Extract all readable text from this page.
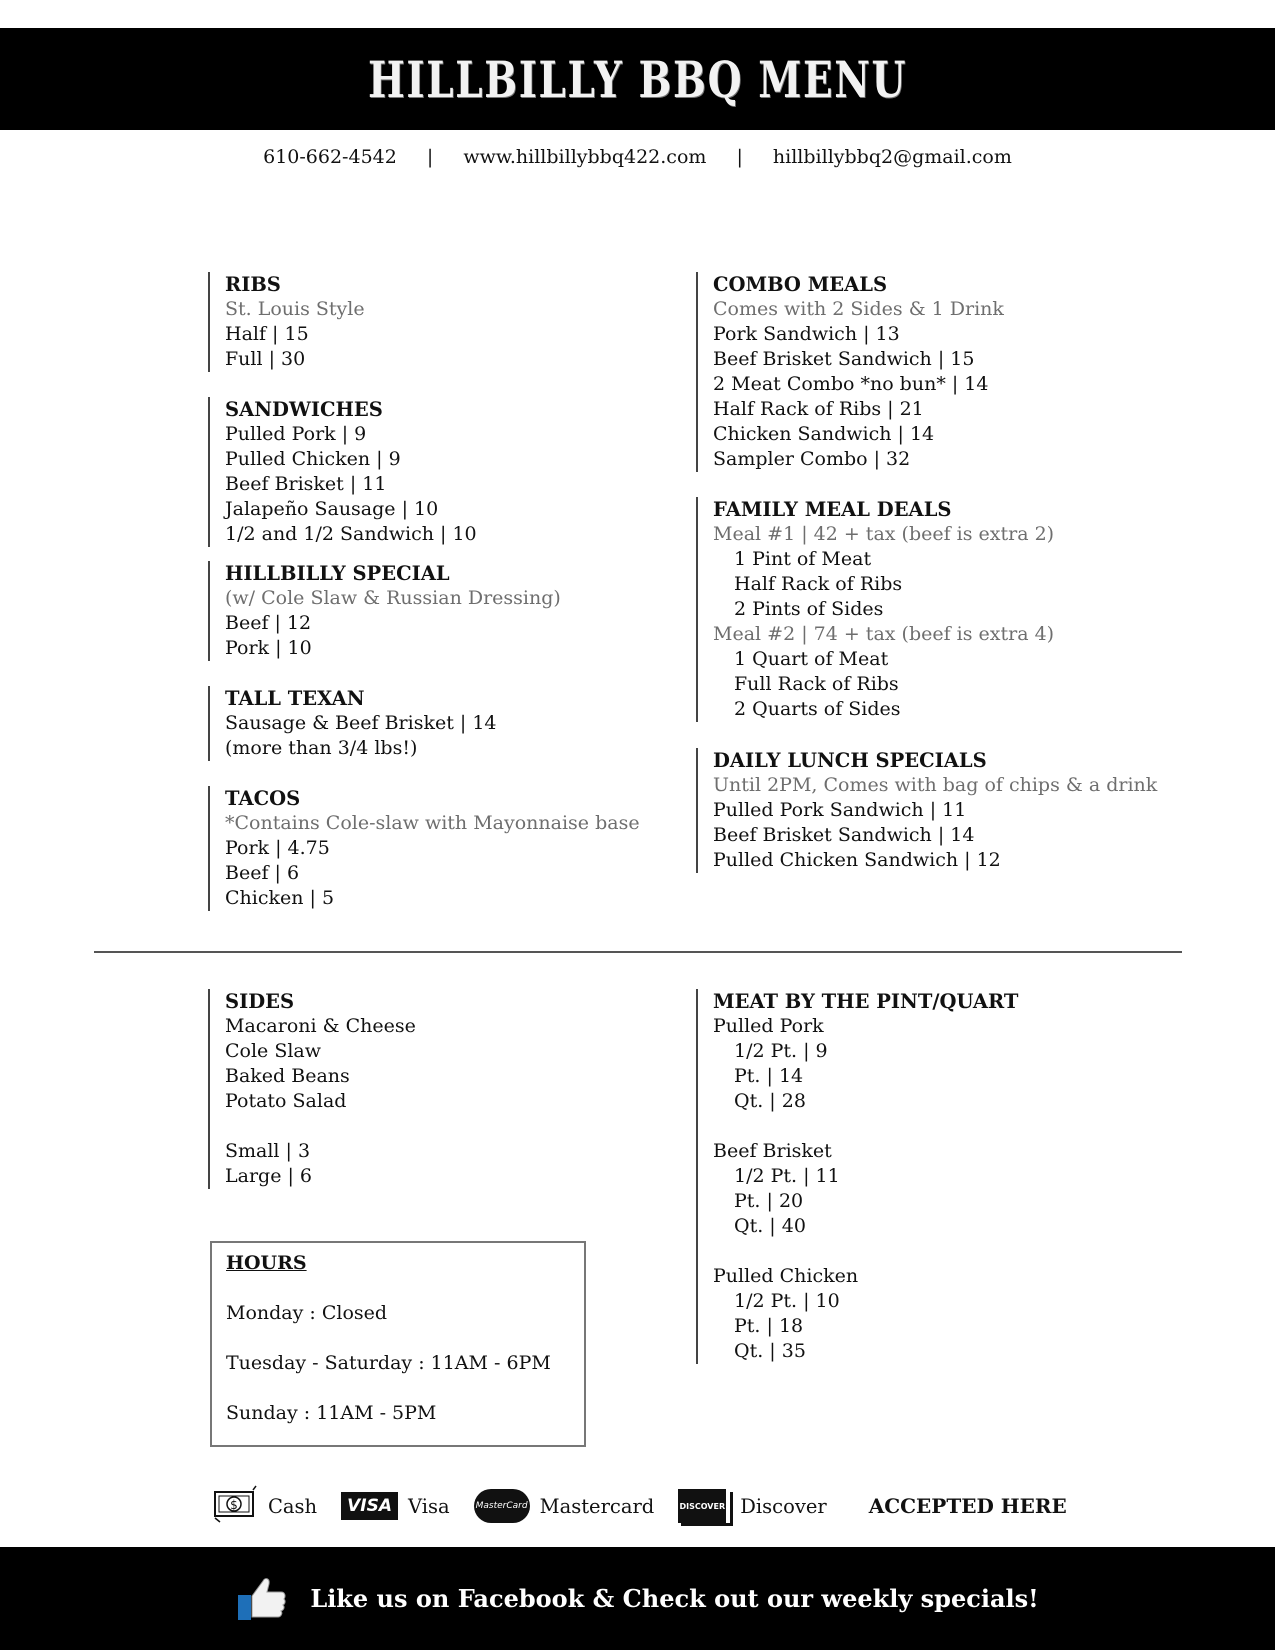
HILLBILLY BBQ MENU
610-662-4542 | www.hillbillybbq422.com | hillbillybbq2@gmail.com
RIBS
St. Louis Style
Half | 15
Full | 30
SANDWICHES
Pulled Pork | 9
Pulled Chicken | 9
Beef Brisket | 11
Jalapeño Sausage | 10
1/2 and 1/2 Sandwich | 10
HILLBILLY SPECIAL
(w/ Cole Slaw & Russian Dressing)
Beef | 12
Pork | 10
TALL TEXAN
Sausage & Beef Brisket | 14
(more than 3/4 lbs!)
TACOS
*Contains Cole-slaw with Mayonnaise base
Pork | 4.75
Beef | 6
Chicken | 5
COMBO MEALS
Comes with 2 Sides & 1 Drink
Pork Sandwich | 13
Beef Brisket Sandwich | 15
2 Meat Combo *no bun* | 14
Half Rack of Ribs | 21
Chicken Sandwich | 14
Sampler Combo | 32
FAMILY MEAL DEALS
Meal #1 | 42 + tax (beef is extra 2)
1 Pint of Meat
Half Rack of Ribs
2 Pints of Sides
Meal #2 | 74 + tax (beef is extra 4)
1 Quart of Meat
Full Rack of Ribs
2 Quarts of Sides
DAILY LUNCH SPECIALS
Until 2PM, Comes with bag of chips & a drink
Pulled Pork Sandwich | 11
Beef Brisket Sandwich | 14
Pulled Chicken Sandwich | 12
SIDES
Macaroni & Cheese
Cole Slaw
Baked Beans
Potato Salad
Small | 3
Large | 6
HOURS
Monday : Closed
Tuesday - Saturday : 11AM - 6PM
Sunday : 11AM - 5PM
MEAT BY THE PINT/QUART
Pulled Pork
1/2 Pt. | 9
Pt. | 14
Qt. | 28
Beef Brisket
1/2 Pt. | 11
Pt. | 20
Qt. | 40
Pulled Chicken
1/2 Pt. | 10
Pt. | 18
Qt. | 35
$ Cash	VISA Visa	MasterCard Mastercard	DISCOVER Discover ACCEPTED HERE
Like us on Facebook & Check out our weekly specials!
